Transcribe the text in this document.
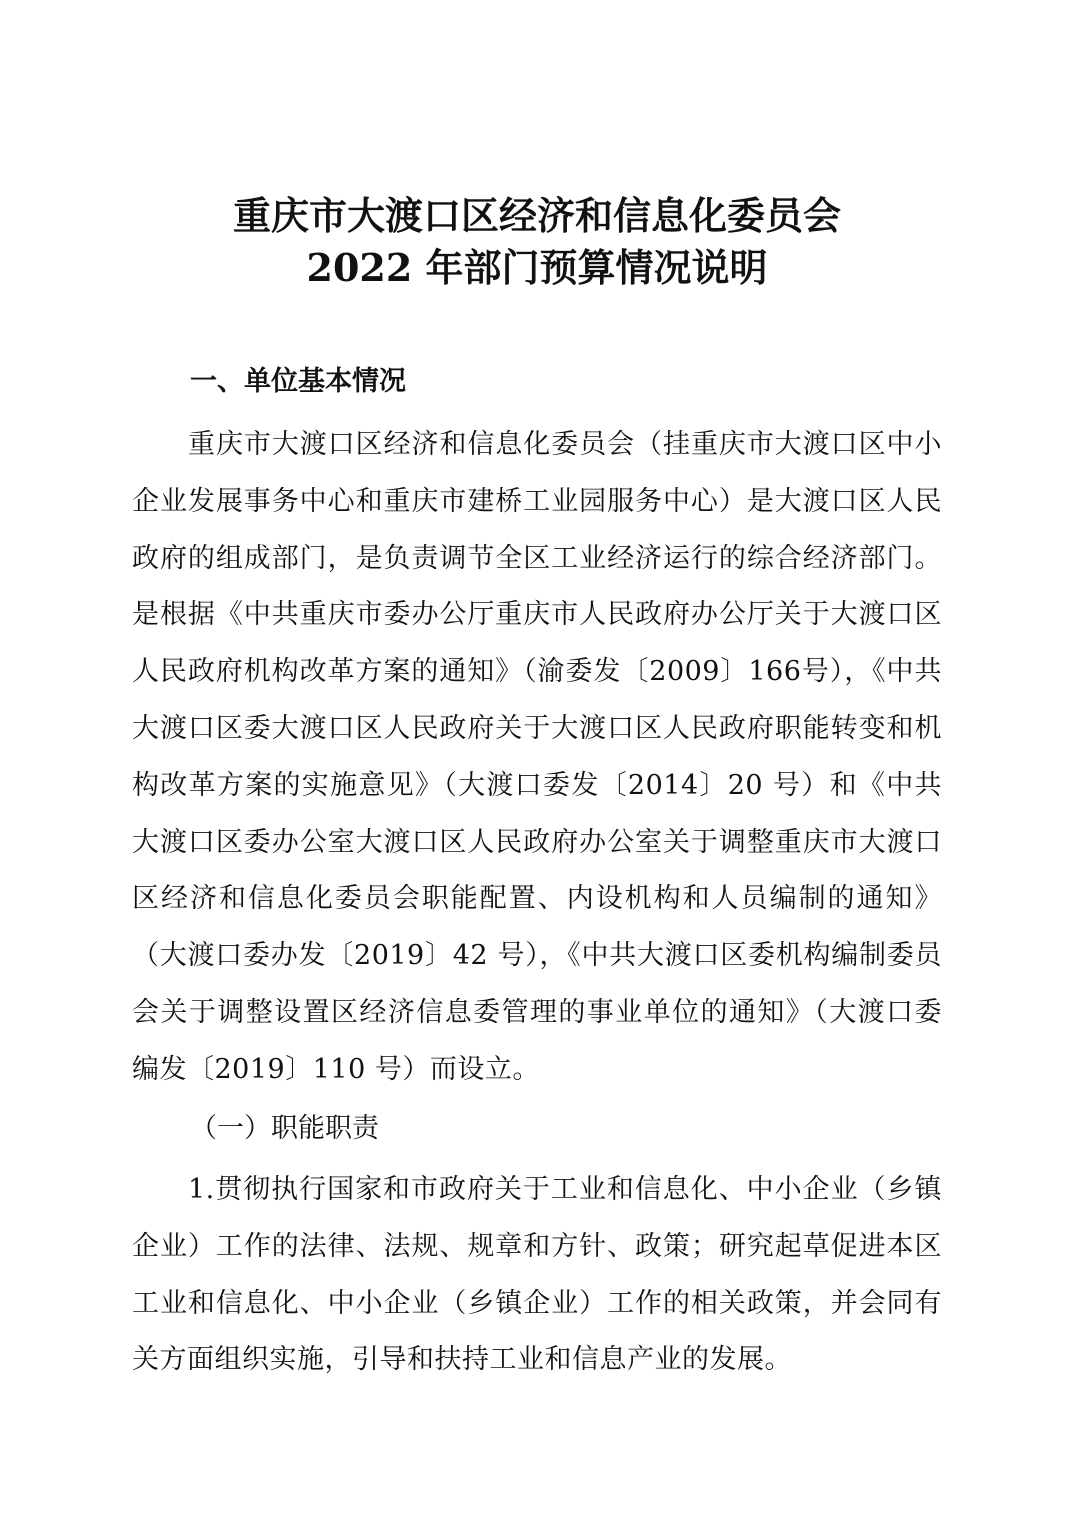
重庆市大渡口区经济和信息化委员会
2022 年部门预算情况说明
一、单位基本情况

重庆市大渡口区经济和信息化委员会（挂重庆市大渡口区中小企业发展事务中心和重庆市建桥工业园服务中心）是大渡口区人民政府的组成部门，是负责调节全区工业经济运行的综合经济部门。是根据《中共重庆市委办公厅重庆市人民政府办公厅关于大渡口区人民政府机构改革方案的通知》（渝委发〔2009〕166号），《中共大渡口区委大渡口区人民政府关于大渡口区人民政府职能转变和机构改革方案的实施意见》（大渡口委发〔2014〕20 号）和《中共大渡口区委办公室大渡口区人民政府办公室关于调整重庆市大渡口区经济和信息化委员会职能配置、内设机构和人员编制的通知》（大渡口委办发〔2019〕42 号），《中共大渡口区委机构编制委员会关于调整设置区经济信息委管理的事业单位的通知》（大渡口委编发〔2019〕110 号）而设立。

（一）职能职责

1.贯彻执行国家和市政府关于工业和信息化、中小企业（乡镇企业）工作的法律、法规、规章和方针、政策；研究起草促进本区工业和信息化、中小企业（乡镇企业）工作的相关政策，并会同有关方面组织实施，引导和扶持工业和信息产业的发展。
